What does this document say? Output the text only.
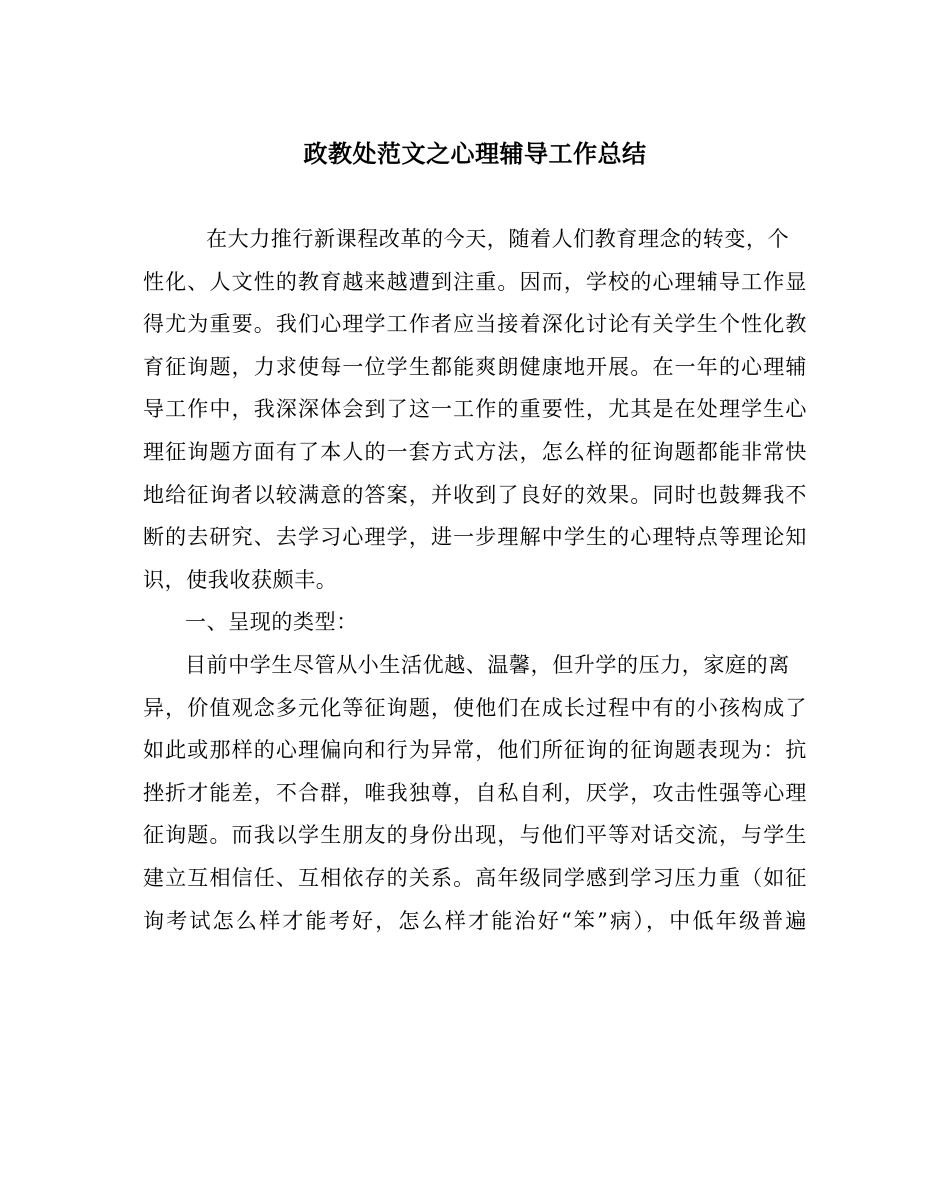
政教处范文之心理辅导工作总结
在大力推行新课程改革的今天，随着人们教育理念的转变，个
性化、人文性的教育越来越遭到注重。因而，学校的心理辅导工作显
得尤为重要。我们心理学工作者应当接着深化讨论有关学生个性化教
育征询题，力求使每一位学生都能爽朗健康地开展。在一年的心理辅
导工作中，我深深体会到了这一工作的重要性，尤其是在处理学生心
理征询题方面有了本人的一套方式方法，怎么样的征询题都能非常快
地给征询者以较满意的答案，并收到了良好的效果。同时也鼓舞我不
断的去研究、去学习心理学，进一步理解中学生的心理特点等理论知
识，使我收获颇丰。
一、呈现的类型：
目前中学生尽管从小生活优越、温馨，但升学的压力，家庭的离
异，价值观念多元化等征询题，使他们在成长过程中有的小孩构成了
如此或那样的心理偏向和行为异常，他们所征询的征询题表现为：抗
挫折才能差，不合群，唯我独尊，自私自利，厌学，攻击性强等心理
征询题。而我以学生朋友的身份出现，与他们平等对话交流，与学生
建立互相信任、互相依存的关系。高年级同学感到学习压力重（如征
询考试怎么样才能考好，怎么样才能治好“笨”病），中低年级普遍
